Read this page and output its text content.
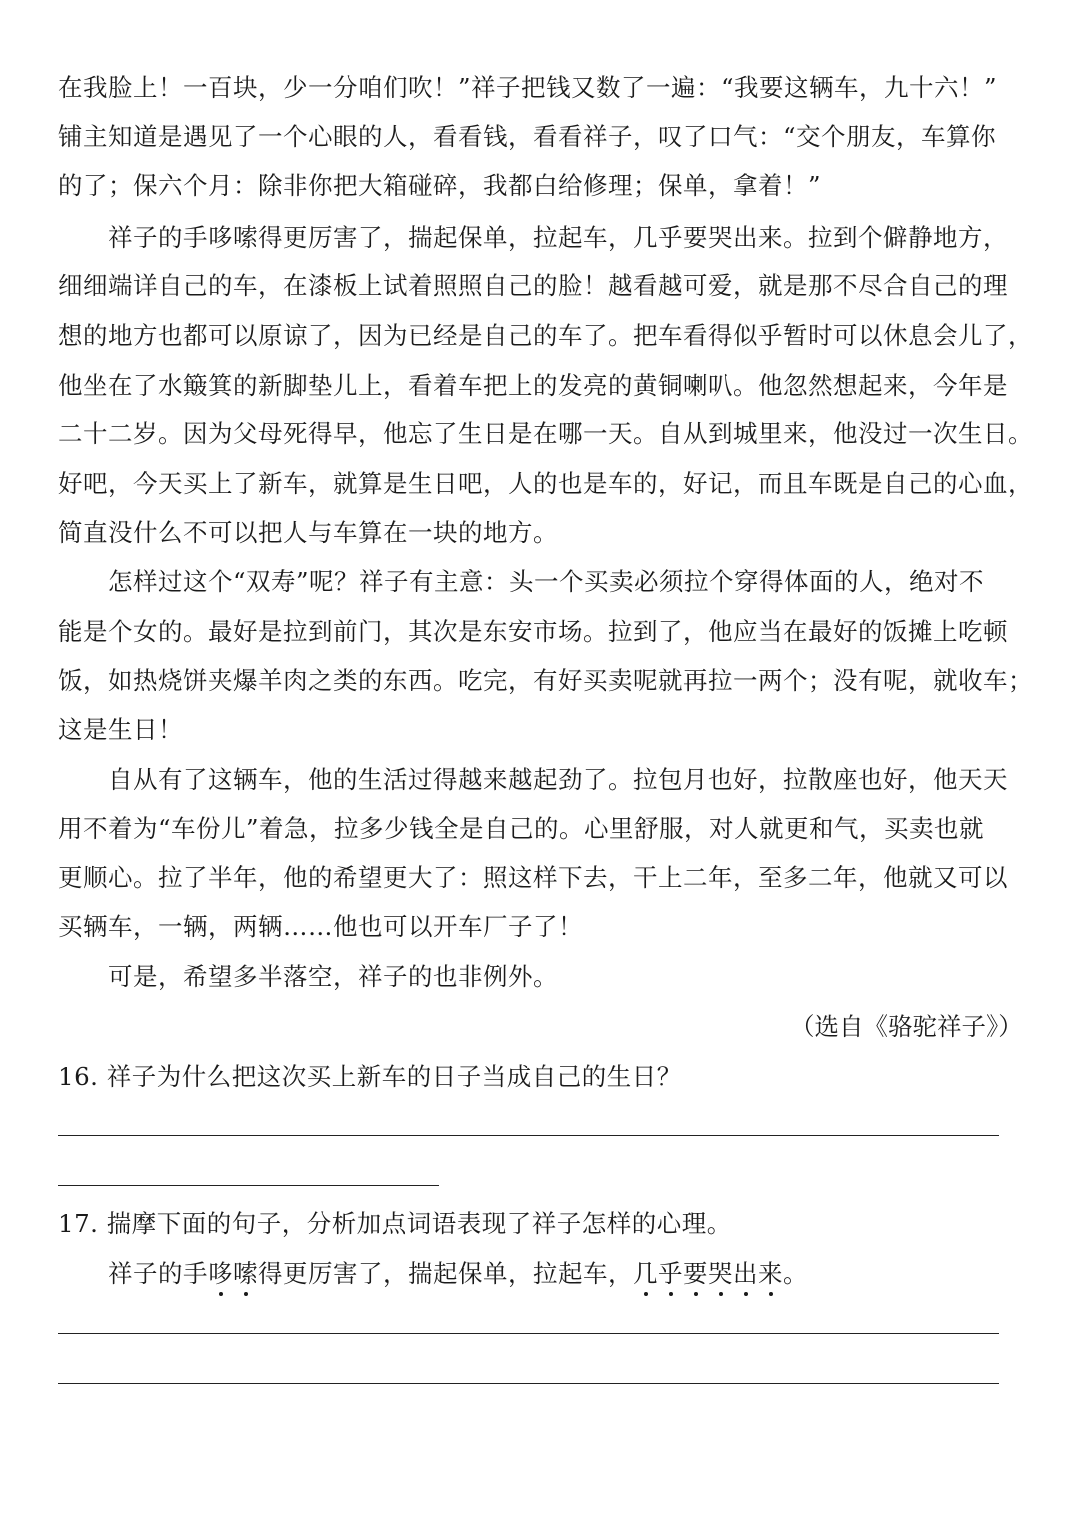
在我脸上！一百块，少一分咱们吹！”祥子把钱又数了一遍：“我要这辆车，九十六！”
铺主知道是遇见了一个心眼的人，看看钱，看看祥子，叹了口气：“交个朋友，车算你
的了；保六个月：除非你把大箱碰碎，我都白给修理；保单，拿着！”
祥子的手哆嗦得更厉害了，揣起保单，拉起车，几乎要哭出来。拉到个僻静地方，
细细端详自己的车，在漆板上试着照照自己的脸！越看越可爱，就是那不尽合自己的理
想的地方也都可以原谅了，因为已经是自己的车了。把车看得似乎暂时可以休息会儿了，
他坐在了水簸箕的新脚垫儿上，看着车把上的发亮的黄铜喇叭。他忽然想起来，今年是
二十二岁。因为父母死得早，他忘了生日是在哪一天。自从到城里来，他没过一次生日。
好吧，今天买上了新车，就算是生日吧，人的也是车的，好记，而且车既是自己的心血，
简直没什么不可以把人与车算在一块的地方。
怎样过这个“双寿”呢？祥子有主意：头一个买卖必须拉个穿得体面的人，绝对不
能是个女的。最好是拉到前门，其次是东安市场。拉到了，他应当在最好的饭摊上吃顿
饭，如热烧饼夹爆羊肉之类的东西。吃完，有好买卖呢就再拉一两个；没有呢，就收车；
这是生日！
自从有了这辆车，他的生活过得越来越起劲了。拉包月也好，拉散座也好，他天天
用不着为“车份儿”着急，拉多少钱全是自己的。心里舒服，对人就更和气，买卖也就
更顺心。拉了半年，他的希望更大了：照这样下去，干上二年，至多二年，他就又可以
买辆车，一辆，两辆……他也可以开车厂子了！
可是，希望多半落空，祥子的也非例外。
（选自《骆驼祥子》）
16. 祥子为什么把这次买上新车的日子当成自己的生日？
17. 揣摩下面的句子，分析加点词语表现了祥子怎样的心理。
祥子的手哆嗦得更厉害了，揣起保单，拉起车，几乎要哭出来。
